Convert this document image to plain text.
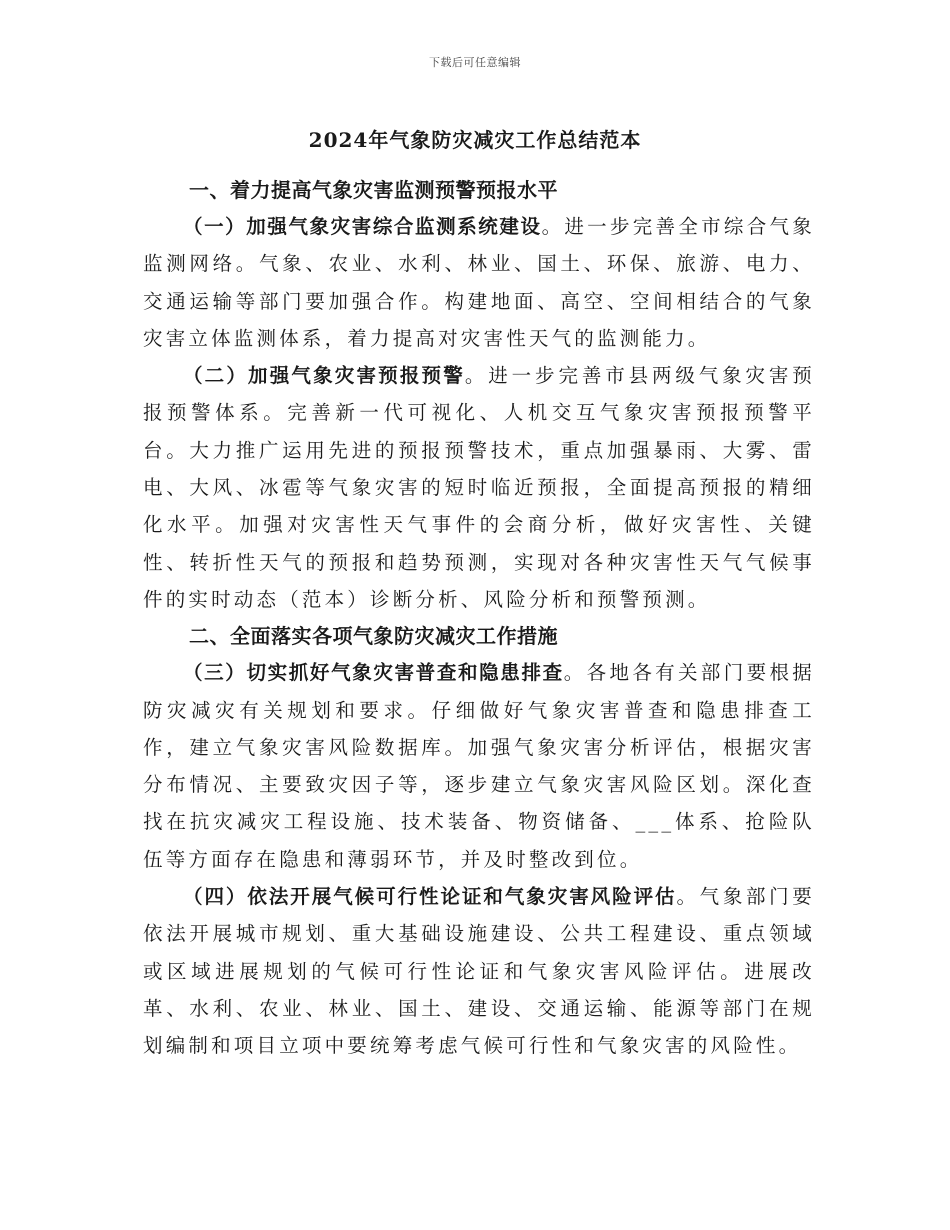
下载后可任意编辑
2024年气象防灾减灾工作总结范本
一、着力提高气象灾害监测预警预报水平

（一）加强气象灾害综合监测系统建设。进一步完善全市综合气象监测网络。气象、农业、水利、林业、国土、环保、旅游、电力、交通运输等部门要加强合作。构建地面、高空、空间相结合的气象灾害立体监测体系，着力提高对灾害性天气的监测能力。

（二）加强气象灾害预报预警。进一步完善市县两级气象灾害预报预警体系。完善新一代可视化、人机交互气象灾害预报预警平台。大力推广运用先进的预报预警技术，重点加强暴雨、大雾、雷电、大风、冰雹等气象灾害的短时临近预报，全面提高预报的精细化水平。加强对灾害性天气事件的会商分析，做好灾害性、关键性、转折性天气的预报和趋势预测，实现对各种灾害性天气气候事件的实时动态（范本）诊断分析、风险分析和预警预测。

二、全面落实各项气象防灾减灾工作措施

（三）切实抓好气象灾害普查和隐患排查。各地各有关部门要根据防灾减灾有关规划和要求。仔细做好气象灾害普查和隐患排查工作，建立气象灾害风险数据库。加强气象灾害分析评估，根据灾害分布情况、主要致灾因子等，逐步建立气象灾害风险区划。深化查找在抗灾减灾工程设施、技术装备、物资储备、___体系、抢险队伍等方面存在隐患和薄弱环节，并及时整改到位。

（四）依法开展气候可行性论证和气象灾害风险评估。气象部门要依法开展城市规划、重大基础设施建设、公共工程建设、重点领域或区域进展规划的气候可行性论证和气象灾害风险评估。进展改革、水利、农业、林业、国土、建设、交通运输、能源等部门在规划编制和项目立项中要统筹考虑气候可行性和气象灾害的风险性。
